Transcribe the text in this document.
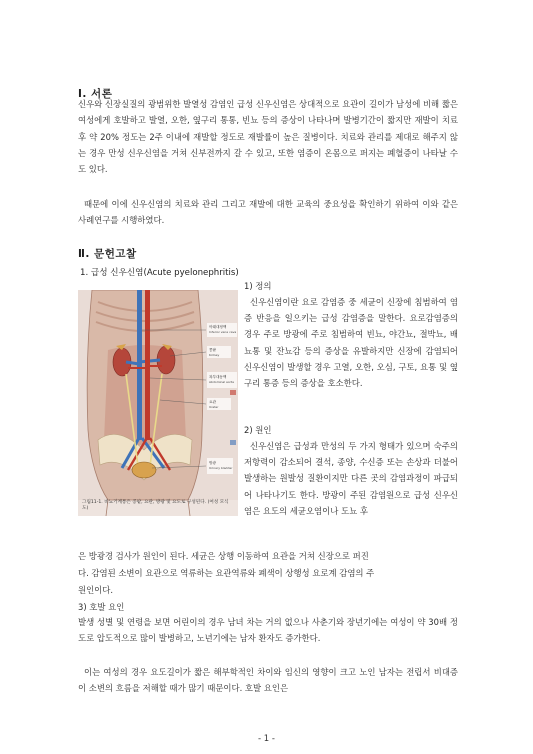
Ⅰ. 서론

신우와 신장실질의 광범위한 발열성 감염인 급성 신우신염은 상대적으로 요관이 길이가 남성에 비해 짧은 여성에게 호발하고 발열, 오한, 옆구리 통통, 빈뇨 등의 증상이 나타나며 발병기간이 짧지만 재발이 치료 후 약 20% 정도는 2주 이내에 재발할 정도로 재발률이 높은 질병이다. 치료와 관리를 제대로 해주지 않는 경우 만성 신우신염을 거쳐 신부전까지 갈 수 있고, 또한 염증이 온몸으로 퍼지는 폐혈증이 나타날 수도 있다.

때문에 이에 신우신염의 치료와 관리 그리고 재발에 대한 교육의 중요성을 확인하기 위하여 이와 같은 사례연구를 시행하였다.

Ⅱ. 문헌고찰
1. 급성 신우신염(Acute pyelonephritis)
아래대정맥
Inferior vena cava
콩팥
Kidney
복부대동맥
Abdominal aorta
요관
Ureter
방광
Urinary bladder
그림11-1. 비뇨기계통은 콩팥, 요관, 방광 및 요도로 구성된다. (여성 모식도)
1) 정의

신우신염이란 요로 감염증 중 세균이 신장에 침범하여 염증 반응을 일으키는 급성 감염증을 말한다. 요로감염증의 경우 주로 방광에 주로 침범하여 빈뇨, 야간뇨, 절박뇨, 배뇨통 및 잔뇨감 등의 증상을 유발하지만 신장에 감염되어 신우신염이 발생할 경우 고열, 오한, 오심, 구토, 요통 및 옆구리 통증 등의 증상을 호소한다.

2) 원인

신우신염은 급성과 만성의 두 가지 형태가 있으며 숙주의 저항력이 감소되어 결석, 종양, 수신증 또는 손상과 더불어 발생하는 원발성 질환이지만 다른 곳의 감염과정이 파급되어 나타나기도 한다. 방광이 주된 감염원으로 급성 신우신염은 요도의 세균오염이나 도뇨 후

은 방광경 검사가 원인이 된다. 세균은 상행 이동하여 요관을 거쳐 신장으로 퍼진
다. 감염된 소변이 요관으로 역류하는 요관역류와 폐색이 상행성 요로계 감염의 주
원인이다.
3) 호발 요인

발생 성별 및 연령을 보면 어린이의 경우 남녀 차는 거의 없으나 사춘기와 장년기에는 여성이 약 30배 정도로 압도적으로 많이 발병하고, 노년기에는 남자 환자도 증가한다.

이는 여성의 경우 요도길이가 짧은 해부학적인 차이와 임신의 영향이 크고 노인 남자는 전립서 비대증이 소변의 흐름을 저해할 때가 많기 때문이다. 호발 요인은

- 1 -
